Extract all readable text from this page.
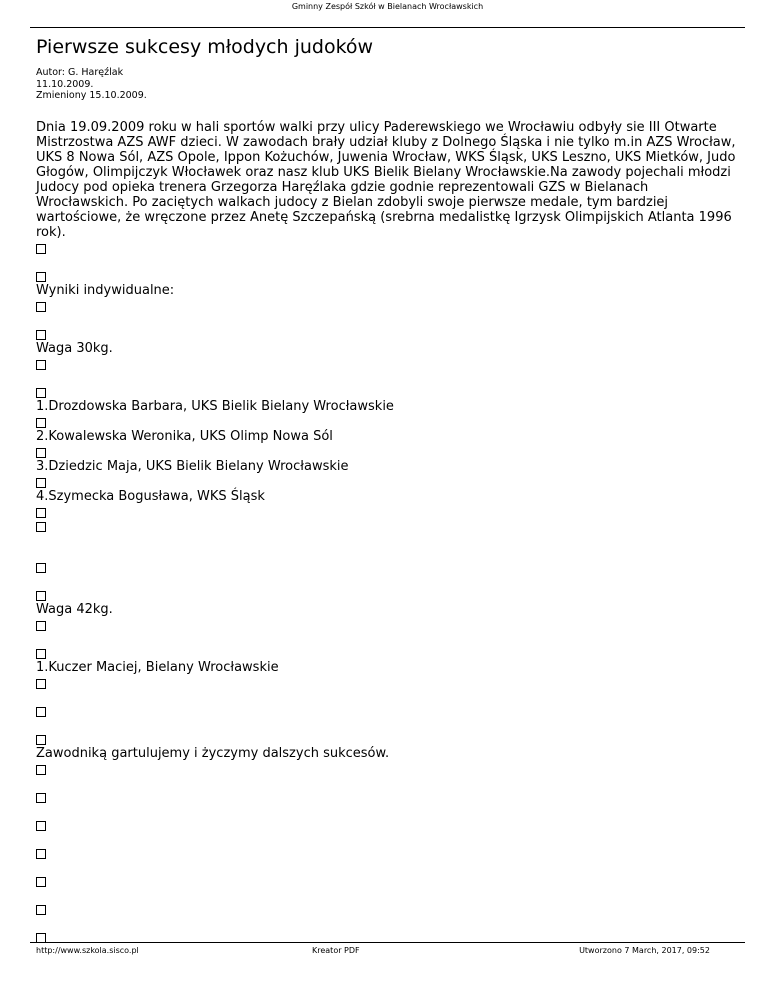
Gminny Zespół Szkół w Bielanach Wrocławskich
Pierwsze sukcesy młodych judoków
Autor: G. Haręźlak
11.10.2009.
Zmieniony 15.10.2009.

Dnia 19.09.2009 roku w hali sportów walki przy ulicy Paderewskiego we Wrocławiu odbyły sie III Otwarte Mistrzostwa AZS AWF dzieci. W zawodach brały udział kluby z Dolnego Śląska i nie tylko m.in AZS Wrocław, UKS 8 Nowa Sól, AZS Opole, Ippon Kożuchów, Juwenia Wrocław, WKS Śląsk, UKS Leszno, UKS Mietków, Judo Głogów, Olimpijczyk Włocławek oraz nasz klub UKS Bielik Bielany Wrocławskie.Na zawody pojechali młodzi Judocy pod opieka trenera Grzegorza Haręźlaka gdzie godnie reprezentowali GZS w Bielanach Wrocławskich. Po zaciętych walkach judocy z Bielan zdobyli swoje pierwsze medale, tym bardziej wartościowe, że wręczone przez Anetę Szczepańską (srebrna medalistkę Igrzysk Olimpijskich Atlanta 1996 rok).

Wyniki indywidualne:

Waga 30kg.

1.Drozdowska Barbara, UKS Bielik Bielany Wrocławskie

2.Kowalewska Weronika, UKS Olimp Nowa Sól

3.Dziedzic Maja, UKS Bielik Bielany Wrocławskie

4.Szymecka Bogusława, WKS Śląsk

Waga 42kg.

1.Kuczer Maciej, Bielany Wrocławskie

Zawodniką gartulujemy i życzymy dalszych sukcesów.

http://www.szkola.sisco.pl	Kreator PDF	Utworzono 7 March, 2017, 09:52
